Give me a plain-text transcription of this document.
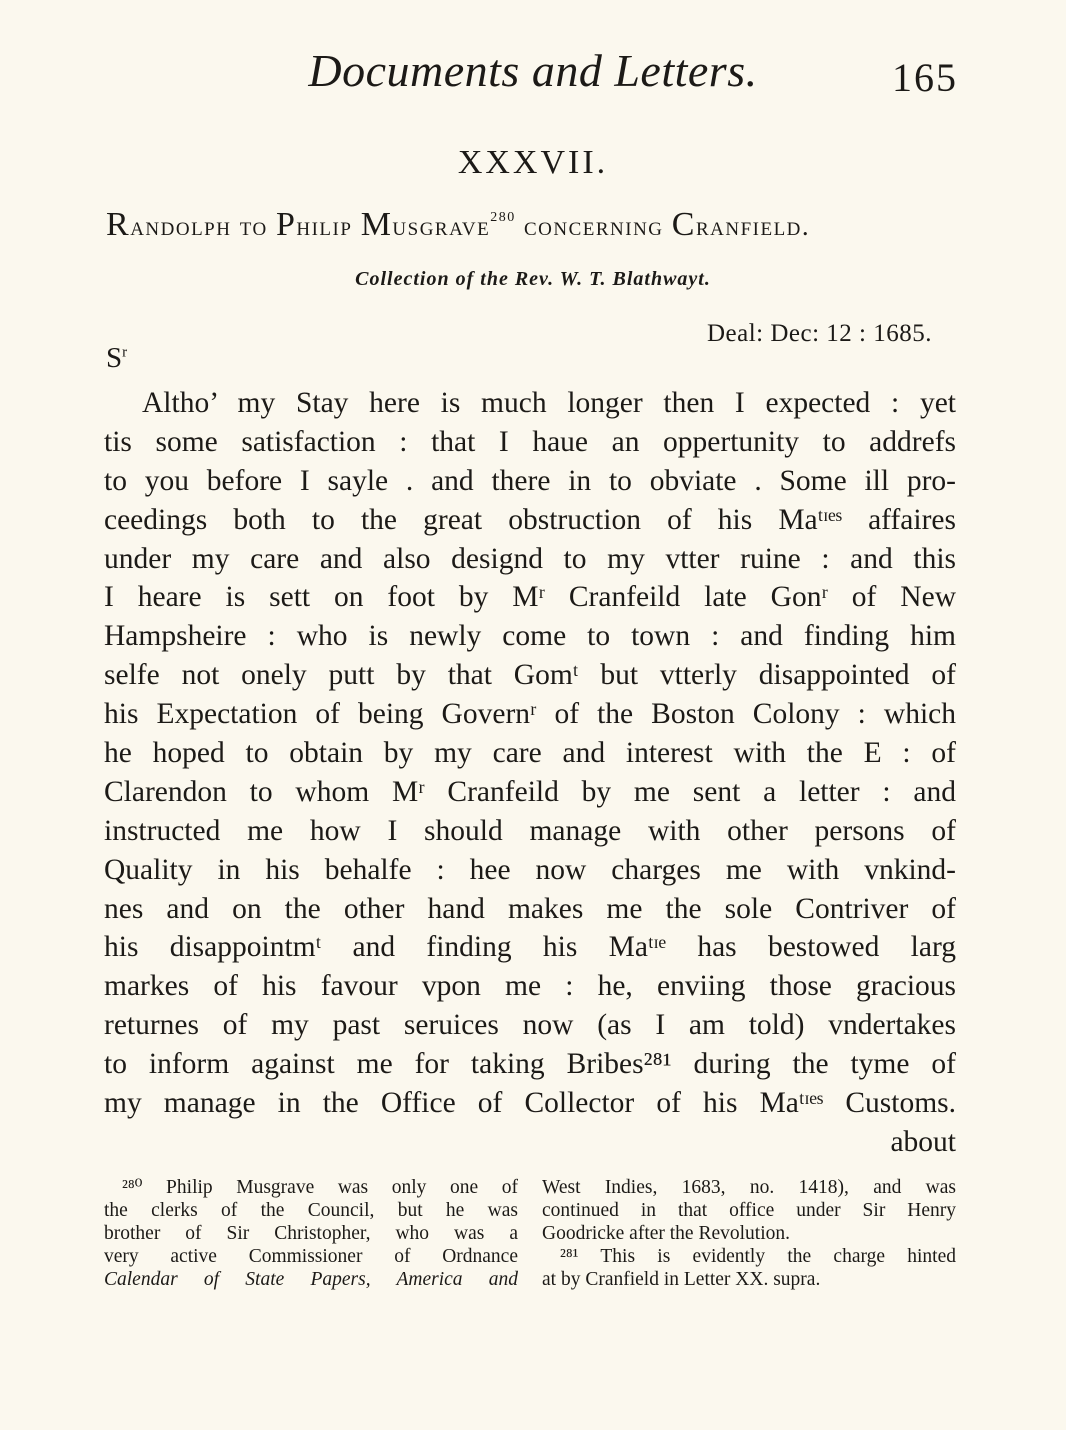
Documents and Letters.	165
XXXVII.
Randolph to Philip Musgrave$^{280}$ concerning Cranfield.
Collection of the Rev. W. T. Blathwayt.
Deal: Dec: 12 : 1685.
$S^r$
Altho’ my Stay here is much longer then I expected : yet
tis some satisfaction : that I haue an oppertunity to addrefs
to you before I sayle . and there in to obviate . Some ill pro-
ceedings both to the great obstruction of his Maᵗᶦᵉˢ affaires
under my care and also designd to my vtter ruine : and this
I heare is sett on foot by Mʳ Cranfeild late Gonʳ of New
Hampsheire : who is newly come to town : and finding him
selfe not onely putt by that Gomᵗ but vtterly disappointed of
his Expectation of being Governʳ of the Boston Colony : which
he hoped to obtain by my care and interest with the E : of
Clarendon to whom Mʳ Cranfeild by me sent a letter : and
instructed me how I should manage with other persons of
Quality in his behalfe : hee now charges me with vnkind-
nes and on the other hand makes me the sole Contriver of
his disappointmᵗ and finding his Maᵗᶦᵉ has bestowed larg
markes of his favour vpon me : he, enviing those gracious
returnes of my past seruices now (as I am told) vndertakes
to inform against me for taking Bribes²⁸¹ during the tyme of
my manage in the Office of Collector of his Maᵗᶦᵉˢ Customs.
about
²⁸⁰ Philip Musgrave was only one of
the clerks of the Council, but he was
brother of Sir Christopher, who was a
very active Commissioner of Ordnance
Calendar of State Papers, America and
West Indies, 1683, no. 1418), and was
continued in that office under Sir Henry
Goodricke after the Revolution.
²⁸¹ This is evidently the charge hinted
at by Cranfield in Letter XX. supra.
